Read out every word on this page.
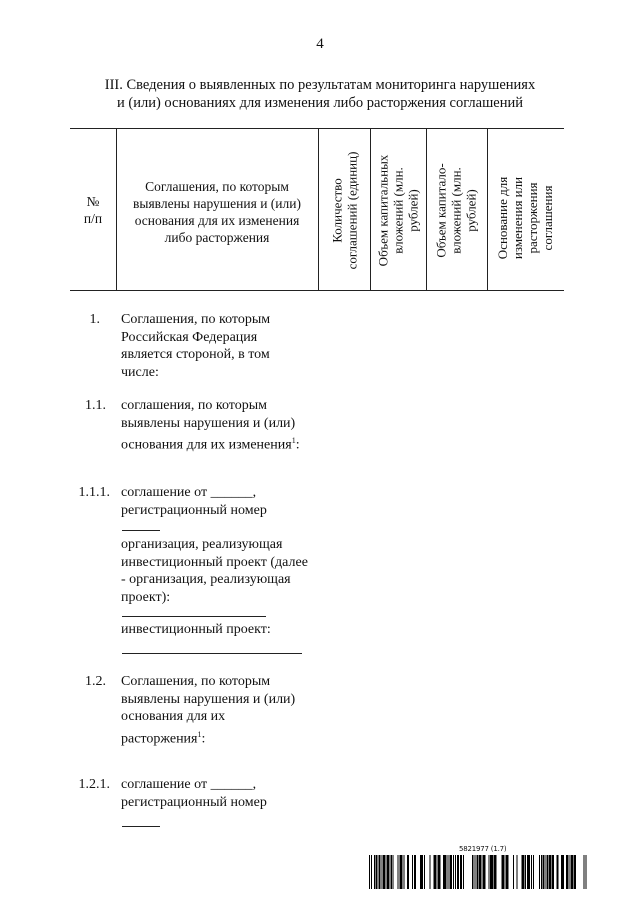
4
III. Сведения о выявленных по результатам мониторинга нарушениях
и (или) основаниях для изменения либо расторжения соглашений
№
п/п
Соглашения, по которым выявлены нарушения и (или) основания для их изменения либо расторжения	Количество соглашений (единиц)	Объем капитальных вложений (млн. рублей)	Объем капитало-вложений (млн. рублей)	Основание для изменения или расторжения соглашения
1. Соглашения, по которым Российская Федерация является стороной, в том числе:
1.1. соглашения, по которым выявлены нарушения и (или) основания для их изменения$^1$:
1.1.1. соглашение от ______, регистрационный номер
организация, реализующая инвестиционный проект (далее - организация, реализующая проект):
инвестиционный проект:
1.2. Соглашения, по которым выявлены нарушения и (или) основания для их расторжения$^1$:
1.2.1. соглашение от ______, регистрационный номер
5821977 (1.7)
